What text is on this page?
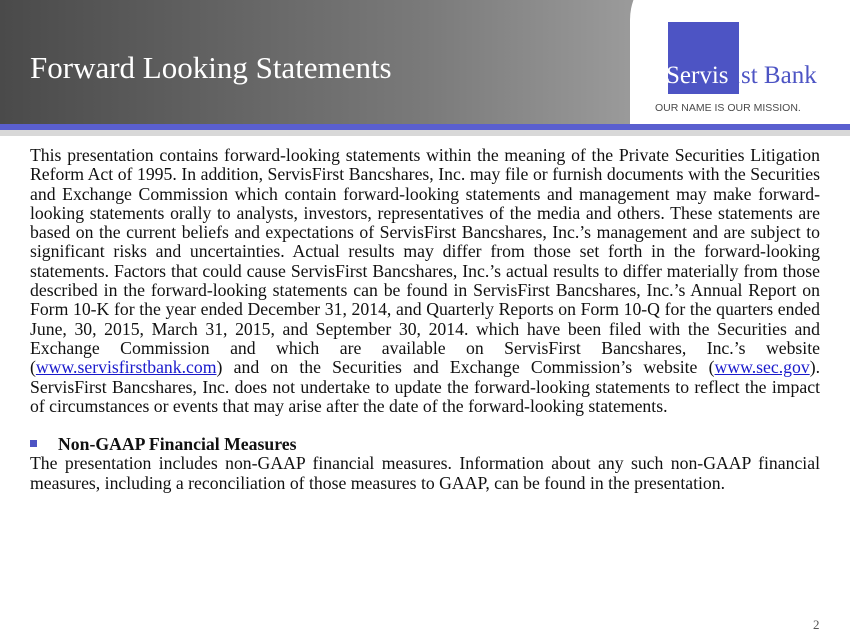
Forward Looking Statements	Servis1st Bank
OUR NAME IS OUR MISSION.

This presentation contains forward-looking statements within the meaning of the Private Securities Litigation Reform Act of 1995. In addition, ServisFirst Bancshares, Inc. may file or furnish documents with the Securities and Exchange Commission which contain forward-looking statements and management may make forward-looking statements orally to analysts, investors, representatives of the media and others. These statements are based on the current beliefs and expectations of ServisFirst Bancshares, Inc.’s management and are subject to significant risks and uncertainties. Actual results may differ from those set forth in the forward-looking statements. Factors that could cause ServisFirst Bancshares, Inc.’s actual results to differ materially from those described in the forward-looking statements can be found in ServisFirst Bancshares, Inc.’s Annual Report on Form 10-K for the year ended December 31, 2014, and Quarterly Reports on Form 10-Q for the quarters ended June, 30, 2015, March 31, 2015, and September 30, 2014. which have been filed with the Securities and Exchange Commission and which are available on ServisFirst Bancshares, Inc.’s website (www.servisfirstbank.com) and on the Securities and Exchange Commission’s website (www.sec.gov). ServisFirst Bancshares, Inc. does not undertake to update the forward-looking statements to reflect the impact of circumstances or events that may arise after the date of the forward-looking statements.

Non-GAAP Financial Measures

The presentation includes non-GAAP financial measures. Information about any such non-GAAP financial measures, including a reconciliation of those measures to GAAP, can be found in the presentation.

2
